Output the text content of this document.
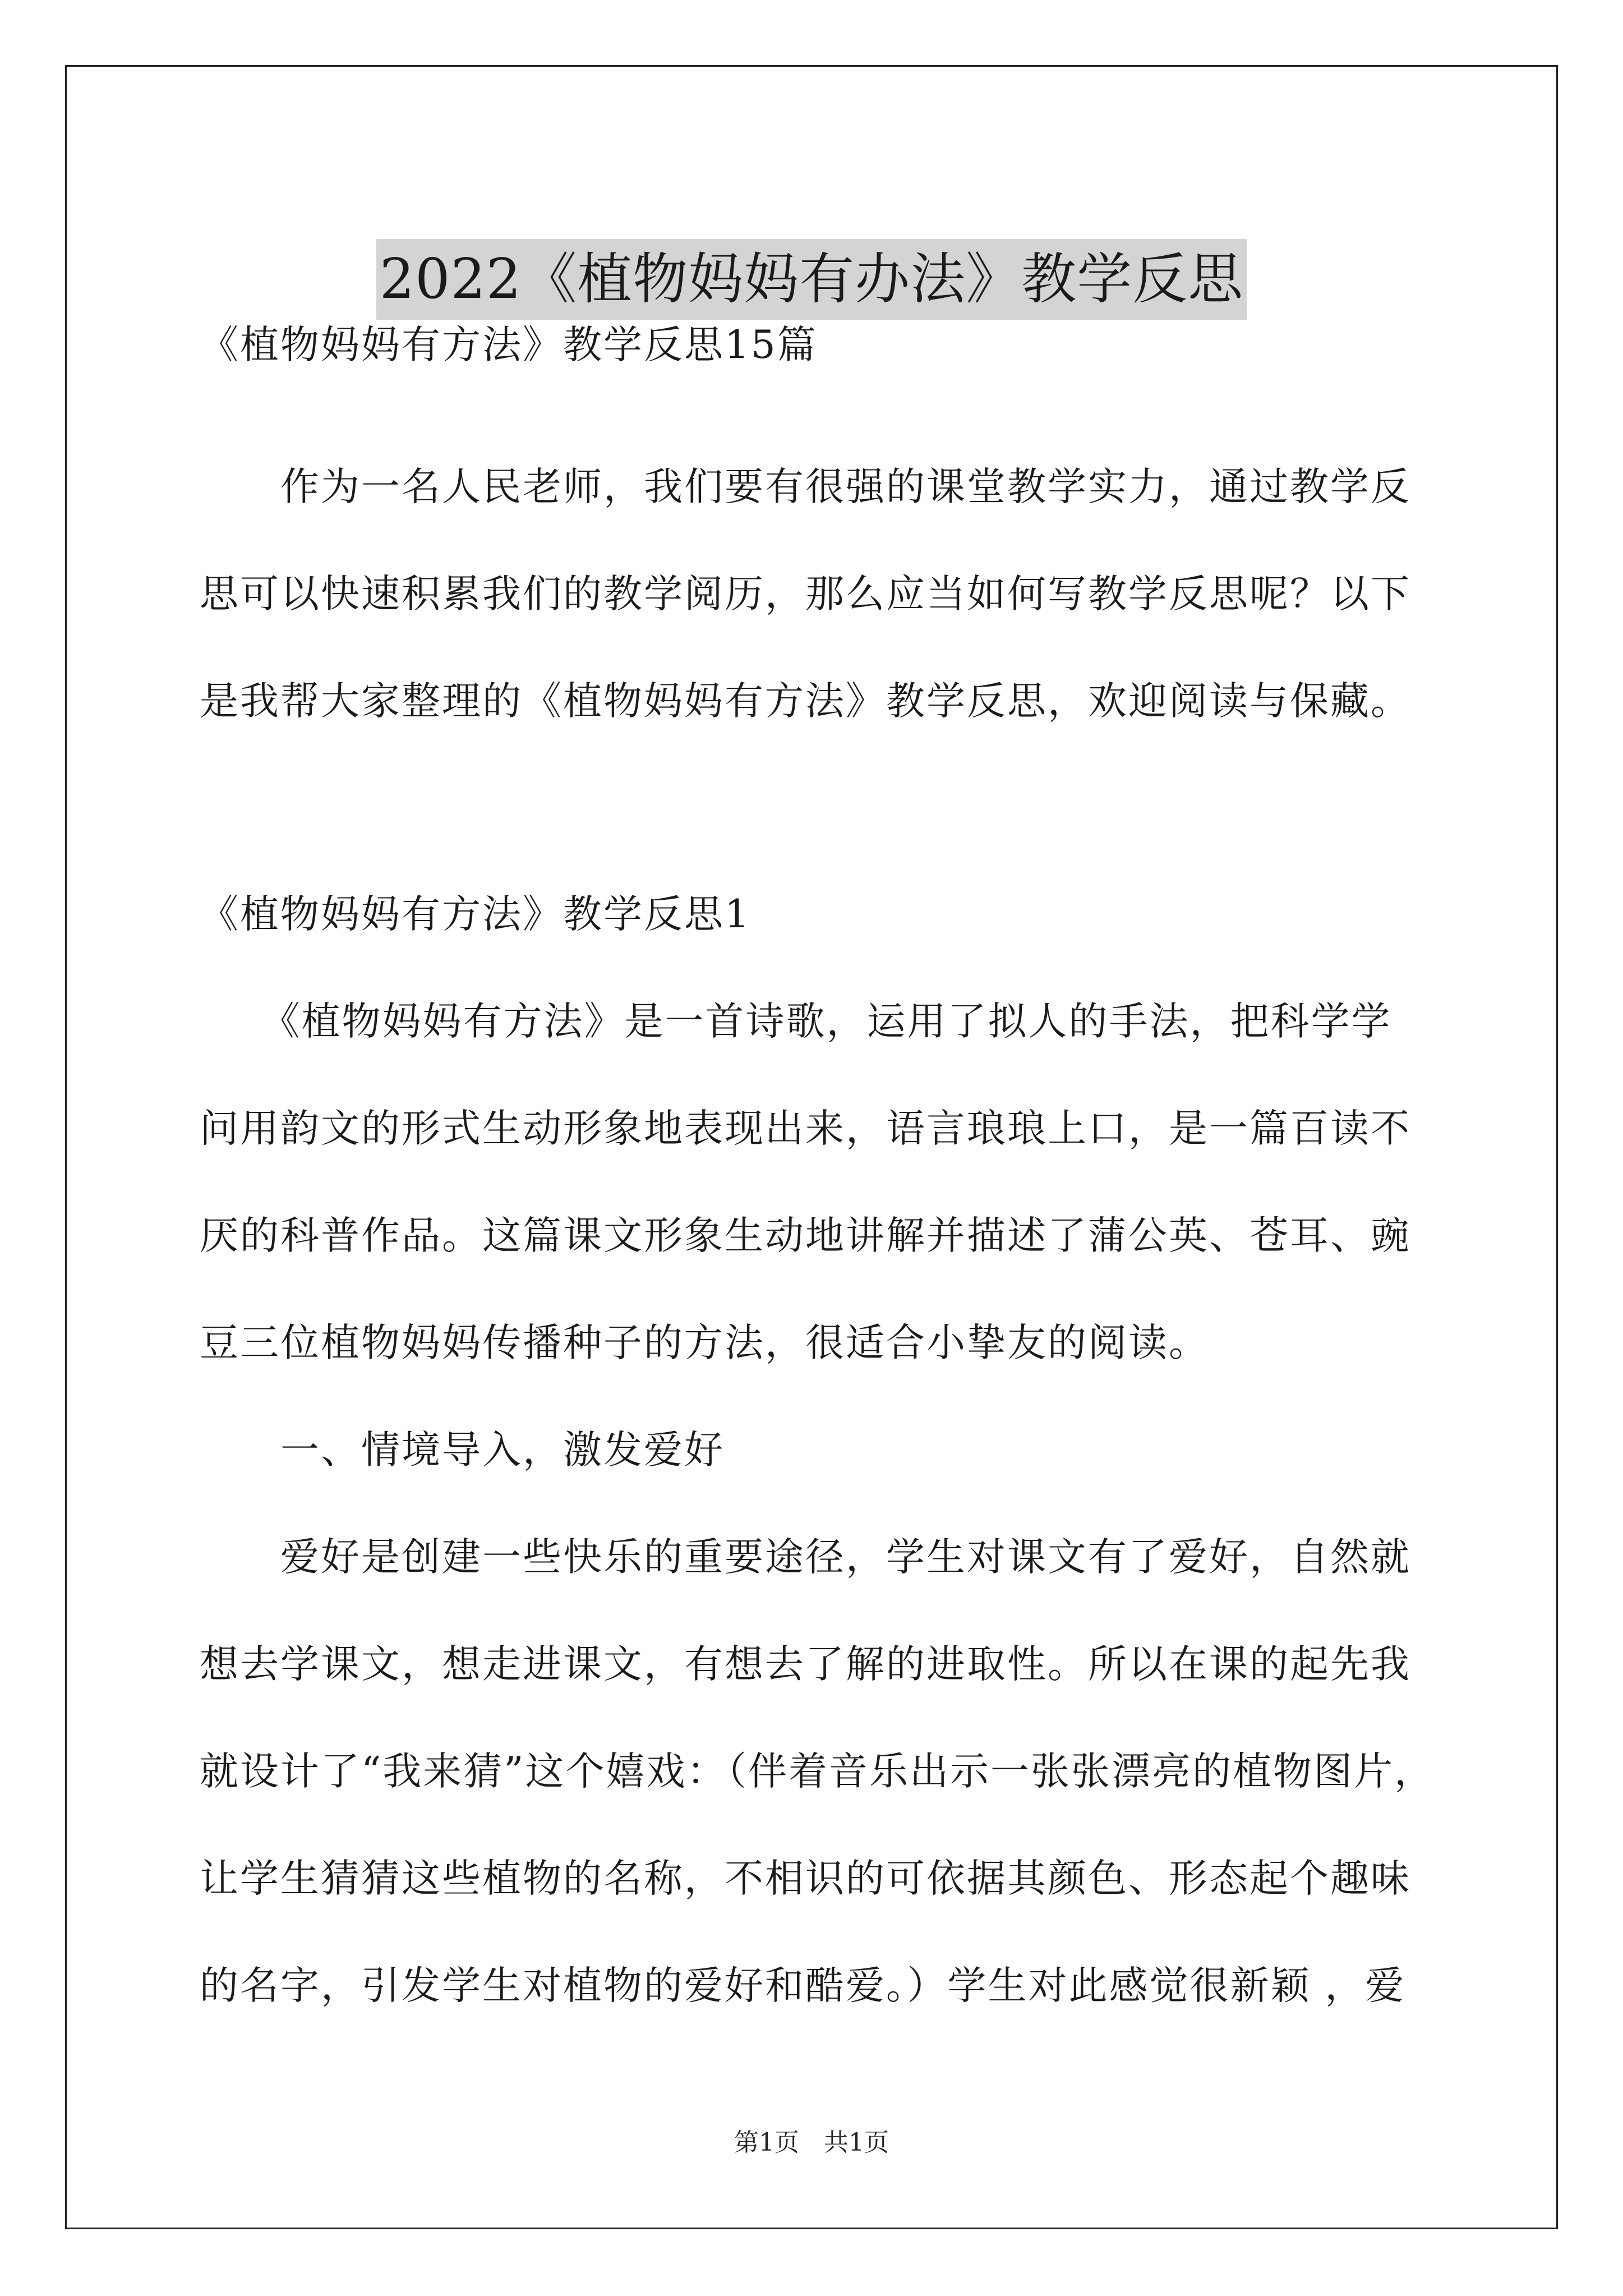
2022《植物妈妈有办法》教学反思
《植物妈妈有方法》教学反思15篇
　　作为一名人民老师，我们要有很强的课堂教学实力，通过教学反
思可以快速积累我们的教学阅历，那么应当如何写教学反思呢？以下
是我帮大家整理的《植物妈妈有方法》教学反思，欢迎阅读与保藏。
《植物妈妈有方法》教学反思1
　　《植物妈妈有方法》是一首诗歌，运用了拟人的手法，把科学学
问用韵文的形式生动形象地表现出来，语言琅琅上口，是一篇百读不
厌的科普作品。这篇课文形象生动地讲解并描述了蒲公英、苍耳、豌
豆三位植物妈妈传播种子的方法，很适合小挚友的阅读。
　　一、情境导入，激发爱好
　　爱好是创建一些快乐的重要途径，学生对课文有了爱好，自然就
想去学课文，想走进课文，有想去了解的进取性。所以在课的起先我
就设计了“我来猜”这个嬉戏：（伴着音乐出示一张张漂亮的植物图片，
让学生猜猜这些植物的名称，不相识的可依据其颜色、形态起个趣味
的名字，引发学生对植物的爱好和酷爱。）学生对此感觉很新颖 ，爱
第1页　共1页
